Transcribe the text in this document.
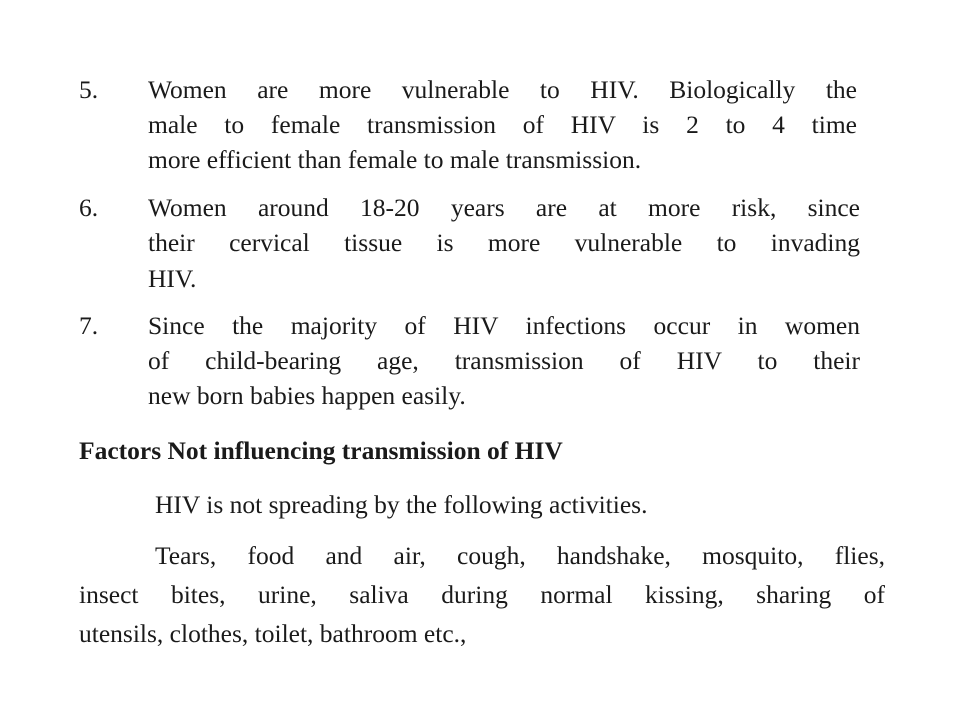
5. Women are more vulnerable to HIV. Biologically the
male to female transmission of HIV is 2 to 4 time
more efficient than female to male transmission.
6. Women around 18-20 years are at more risk, since
their cervical tissue is more vulnerable to invading
HIV.
7. Since the majority of HIV infections occur in women
of child-bearing age, transmission of HIV to their
new born babies happen easily.
Factors Not influencing transmission of HIV
HIV is not spreading by the following activities.
Tears, food and air, cough, handshake, mosquito, flies,
insect bites, urine, saliva during normal kissing, sharing of
utensils, clothes, toilet, bathroom etc.,
